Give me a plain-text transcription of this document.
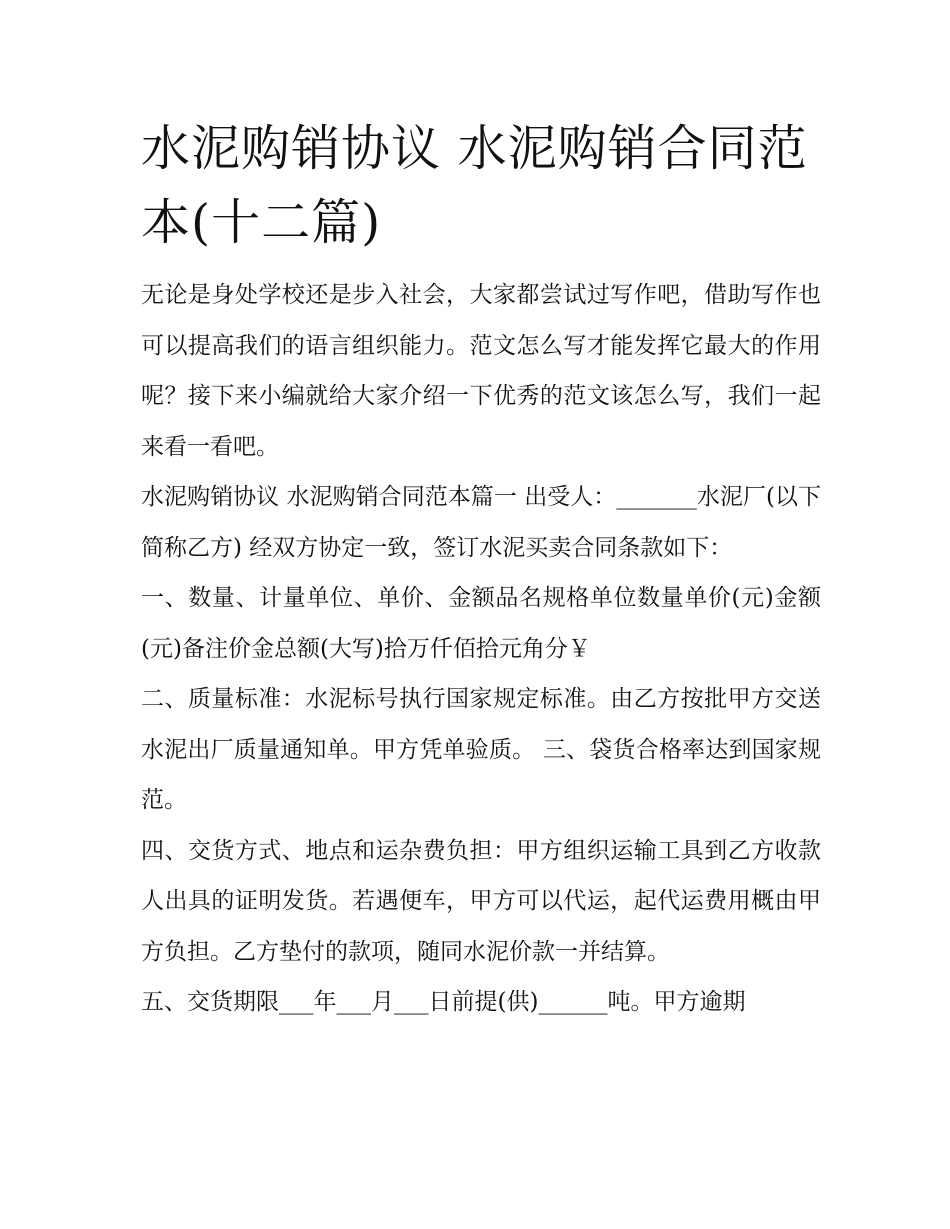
水泥购销协议 水泥购销合同范本(十二篇)

无论是身处学校还是步入社会，大家都尝试过写作吧，借助写作也可以提高我们的语言组织能力。范文怎么写才能发挥它最大的作用呢？接下来小编就给大家介绍一下优秀的范文该怎么写，我们一起来看一看吧。

水泥购销协议 水泥购销合同范本篇一 出受人：_______水泥厂(以下简称乙方) 经双方协定一致，签订水泥买卖合同条款如下：

一、数量、计量单位、单价、金额品名规格单位数量单价(元)金额(元)备注价金总额(大写)拾万仟佰拾元角分￥

二、质量标准：水泥标号执行国家规定标准。由乙方按批甲方交送水泥出厂质量通知单。甲方凭单验质。 三、袋货合格率达到国家规范。

四、交货方式、地点和运杂费负担：甲方组织运输工具到乙方收款人出具的证明发货。若遇便车，甲方可以代运，起代运费用概由甲方负担。乙方垫付的款项，随同水泥价款一并结算。

五、交货期限___年___月___日前提(供)______吨。甲方逾期
